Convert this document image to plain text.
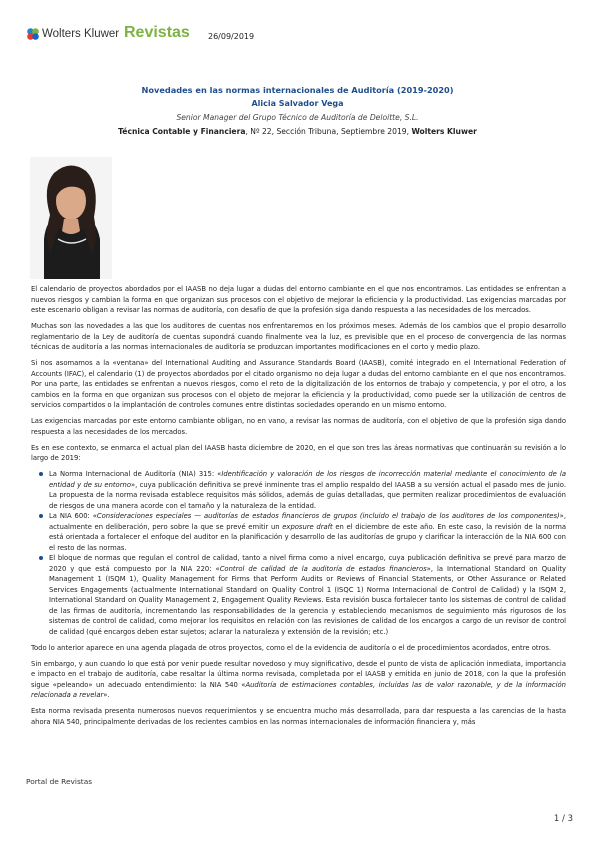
Wolters Kluwer Revistas 26/09/2019
Novedades en las normas internacionales de Auditoría (2019-2020)
Alicia Salvador Vega
Senior Manager del Grupo Técnico de Auditoría de Deloitte, S.L.
Técnica Contable y Financiera, Nº 22, Sección Tribuna, Septiembre 2019, Wolters Kluwer

El calendario de proyectos abordados por el IAASB no deja lugar a dudas del entorno cambiante en el que nos encontramos. Las entidades se enfrentan a nuevos riesgos y cambian la forma en que organizan sus procesos con el objetivo de mejorar la eficiencia y la productividad. Las exigencias marcadas por este escenario obligan a revisar las normas de auditoría, con desafío de que la profesión siga dando respuesta a las necesidades de los mercados.

Muchas son las novedades a las que los auditores de cuentas nos enfrentaremos en los próximos meses. Además de los cambios que el propio desarrollo reglamentario de la Ley de auditoría de cuentas supondrá cuando finalmente vea la luz, es previsible que en el proceso de convergencia de las normas técnicas de auditoría a las normas internacionales de auditoría se produzcan importantes modificaciones en el corto y medio plazo.

Si nos asomamos a la «ventana» del International Auditing and Assurance Standards Board (IAASB), comité integrado en el International Federation of Accounts (IFAC), el calendario (1) de proyectos abordados por el citado organismo no deja lugar a dudas del entorno cambiante en el que nos encontramos. Por una parte, las entidades se enfrentan a nuevos riesgos, como el reto de la digitalización de los entornos de trabajo y competencia, y por el otro, a los cambios en la forma en que organizan sus procesos con el objeto de mejorar la eficiencia y la productividad, como puede ser la utilización de centros de servicios compartidos o la implantación de controles comunes entre distintas sociedades operando en un mismo entorno.

Las exigencias marcadas por este entorno cambiante obligan, no en vano, a revisar las normas de auditoría, con el objetivo de que la profesión siga dando respuesta a las necesidades de los mercados.

Es en ese contexto, se enmarca el actual plan del IAASB hasta diciembre de 2020, en el que son tres las áreas normativas que continuarán su revisión a lo largo de 2019:

La Norma Internacional de Auditoría (NIA) 315: «Identificación y valoración de los riesgos de incorrección material mediante el conocimiento de la entidad y de su entorno», cuya publicación definitiva se prevé inminente tras el amplio respaldo del IAASB a su versión actual el pasado mes de junio. La propuesta de la norma revisada establece requisitos más sólidos, además de guías detalladas, que permiten realizar procedimientos de evaluación de riesgos de una manera acorde con el tamaño y la naturaleza de la entidad.
La NIA 600: «Consideraciones especiales — auditorías de estados financieros de grupos (incluido el trabajo de los auditores de los componentes)», actualmente en deliberación, pero sobre la que se prevé emitir un exposure draft en el diciembre de este año. En este caso, la revisión de la norma está orientada a fortalecer el enfoque del auditor en la planificación y desarrollo de las auditorías de grupo y clarificar la interacción de la NIA 600 con el resto de las normas.
El bloque de normas que regulan el control de calidad, tanto a nivel firma como a nivel encargo, cuya publicación definitiva se prevé para marzo de 2020 y que está compuesto por la NIA 220: «Control de calidad de la auditoría de estados financieros», la International Standard on Quality Management 1 (ISQM 1), Quality Management for Firms that Perform Audits or Reviews of Financial Statements, or Other Assurance or Related Services Engagements (actualmente International Standard on Quality Control 1 (ISQC 1) Norma Internacional de Control de Calidad) y la ISQM 2, International Standard on Quality Management 2, Engagement Quality Reviews. Esta revisión busca fortalecer tanto los sistemas de control de calidad de las firmas de auditoría, incrementando las responsabilidades de la gerencia y estableciendo mecanismos de seguimiento más rigurosos de los sistemas de control de calidad, como mejorar los requisitos en relación con las revisiones de calidad de los encargos a cargo de un revisor de control de calidad (qué encargos deben estar sujetos; aclarar la naturaleza y extensión de la revisión; etc.)

Todo lo anterior aparece en una agenda plagada de otros proyectos, como el de la evidencia de auditoría o el de procedimientos acordados, entre otros.

Sin embargo, y aun cuando lo que está por venir puede resultar novedoso y muy significativo, desde el punto de vista de aplicación inmediata, importancia e impacto en el trabajo de auditoría, cabe resaltar la última norma revisada, completada por el IAASB y emitida en junio de 2018, con la que la profesión sigue «peleando» un adecuado entendimiento: la NIA 540 «Auditoría de estimaciones contables, incluidas las de valor razonable, y de la información relacionada a revelar».

Esta norma revisada presenta numerosos nuevos requerimientos y se encuentra mucho más desarrollada, para dar respuesta a las carencias de la hasta ahora NIA 540, principalmente derivadas de los recientes cambios en las normas internacionales de información financiera y, más

Portal de Revistas
1 / 3
